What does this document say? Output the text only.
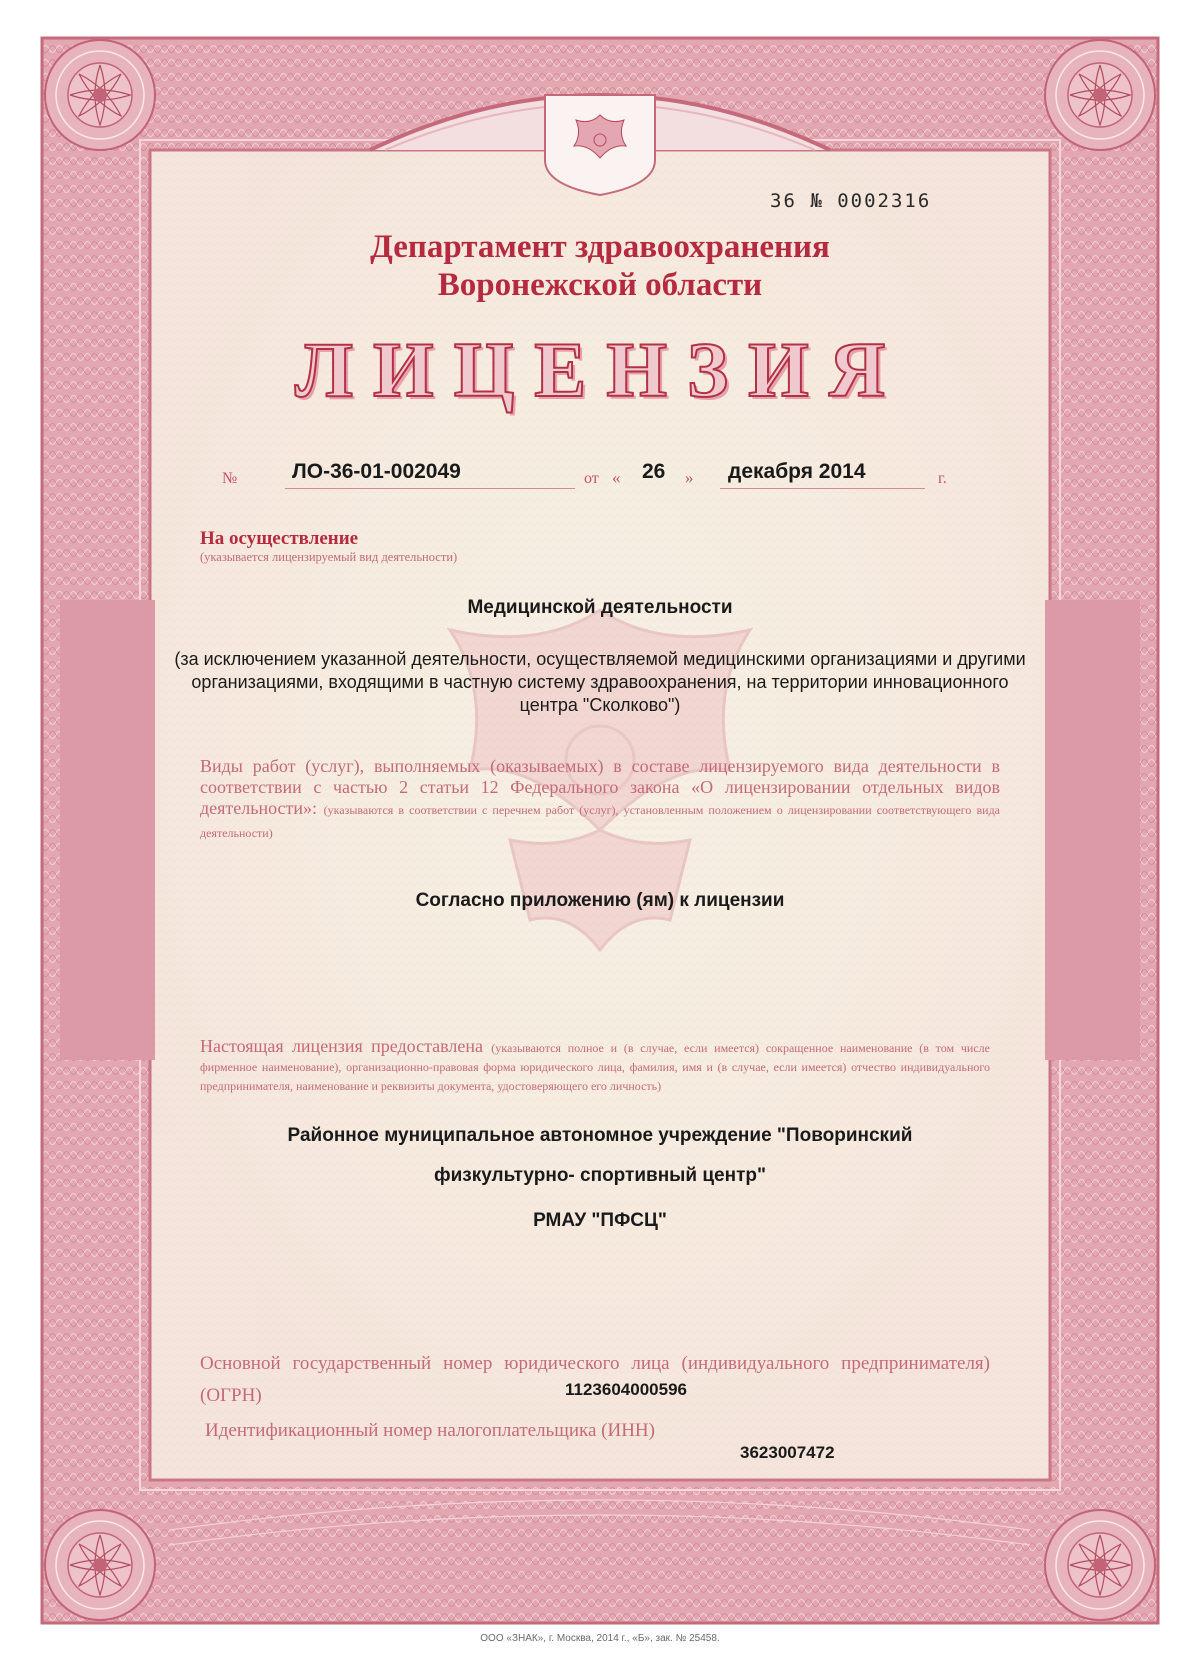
36 № 0002316
Департамент здравоохранения
Воронежской области
ЛИЦЕНЗИЯ
№	ЛО-36-01-002049	от « 26	» декабря 2014	г.
На осуществление
(указывается лицензируемый вид деятельности)
Медицинской деятельности
(за исключением указанной деятельности, осуществляемой медицинскими организациями и другими организациями, входящими в частную систему здравоохранения, на территории инновационного центра "Сколково")
Виды работ (услуг), выполняемых (оказываемых) в составе лицензируемого вида деятельности в соответствии с частью 2 статьи 12 Федерального закона «О лицензировании отдельных видов деятельности»: (указываются в соответствии с перечнем работ (услуг), установленным положением о лицензировании соответствующего вида деятельности)
Согласно приложению (ям) к лицензии
Настоящая лицензия предоставлена (указываются полное и (в случае, если имеется) сокращенное наименование (в том числе фирменное наименование), организационно-правовая форма юридического лица, фамилия, имя и (в случае, если имеется) отчество индивидуального предпринимателя, наименование и реквизиты документа, удостоверяющего его личность)
Районное муниципальное автономное учреждение "Поворинский
физкультурно- спортивный центр"
РМАУ "ПФСЦ"
Основной государственный номер юридического лица (индивидуального предпринимателя) (ОГРН)	1123604000596
Идентификационный номер налогоплательщика (ИНН)
3623007472
ООО «ЗНАК», г. Москва, 2014 г., «Б», зак. № 25458.
